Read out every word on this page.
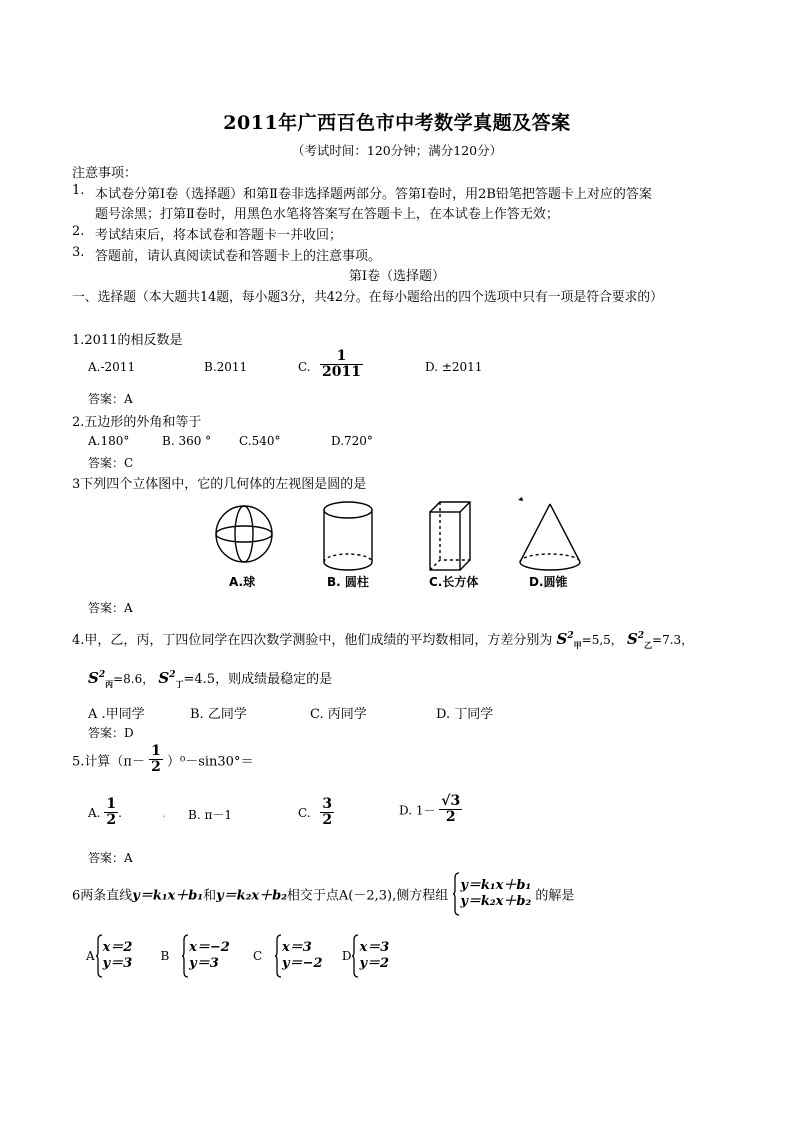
2011年广西百色市中考数学真题及答案
（考试时间：120分钟；满分120分）
注意事项：
1. 本试卷分第Ⅰ卷（选择题）和第Ⅱ卷非选择题两部分。答第Ⅰ卷时，用2B铅笔把答题卡上对应的答案
题号涂黑；打第Ⅱ卷时，用黑色水笔将答案写在答题卡上，在本试卷上作答无效；
2. 考试结束后，将本试卷和答题卡一并收回；
3. 答题前，请认真阅读试卷和答题卡上的注意事项。
第Ⅰ卷（选择题）
一、选择题（本大题共14题，每小题3分，共42分。在每小题给出的四个选项中只有一项是符合要求的）
1.2011的相反数是
A.-2011	B.2011	C. $\frac{1}{2011}$	D. ±2011
答案：A
2.五边形的外角和等于
A.180°	B. 360 ° C.540°	D.720°
答案：C
3下列四个立体图中，它的几何体的左视图是圆的是
A.球	B. 圆柱	C.长方体	D.圆锥
答案：A
4.甲，乙，丙，丁四位同学在四次数学测验中，他们成绩的平均数相同，方差分别为 $S^2_甲=5,5$， $S^2_乙=7.3$，
$S^2_丙=8.6$， $S^2_丁=4.5$，则成绩最稳定的是
A .甲同学	B. 乙同学	C. 丙同学	D. 丁同学
答案：D
5.计算$(\pi- \frac{1}{2} )^0-\sin 30^\circ=$
A. $\frac{1}{2}$ .	. B. π－1	C. $\frac{3}{2}$	D. $1- \frac{√3}{2}$
答案：A
6两条直线y＝k₁x＋b₁和y＝k₂x＋b₂相交于点A(－2,3),侧方程组
y＝k₁x＋b₁
y＝k₂x＋b₂ 的解是
A
x＝2
y＝3	B
x＝−2
y＝3	C
x＝3
y＝−2	D
x＝3
y＝2
